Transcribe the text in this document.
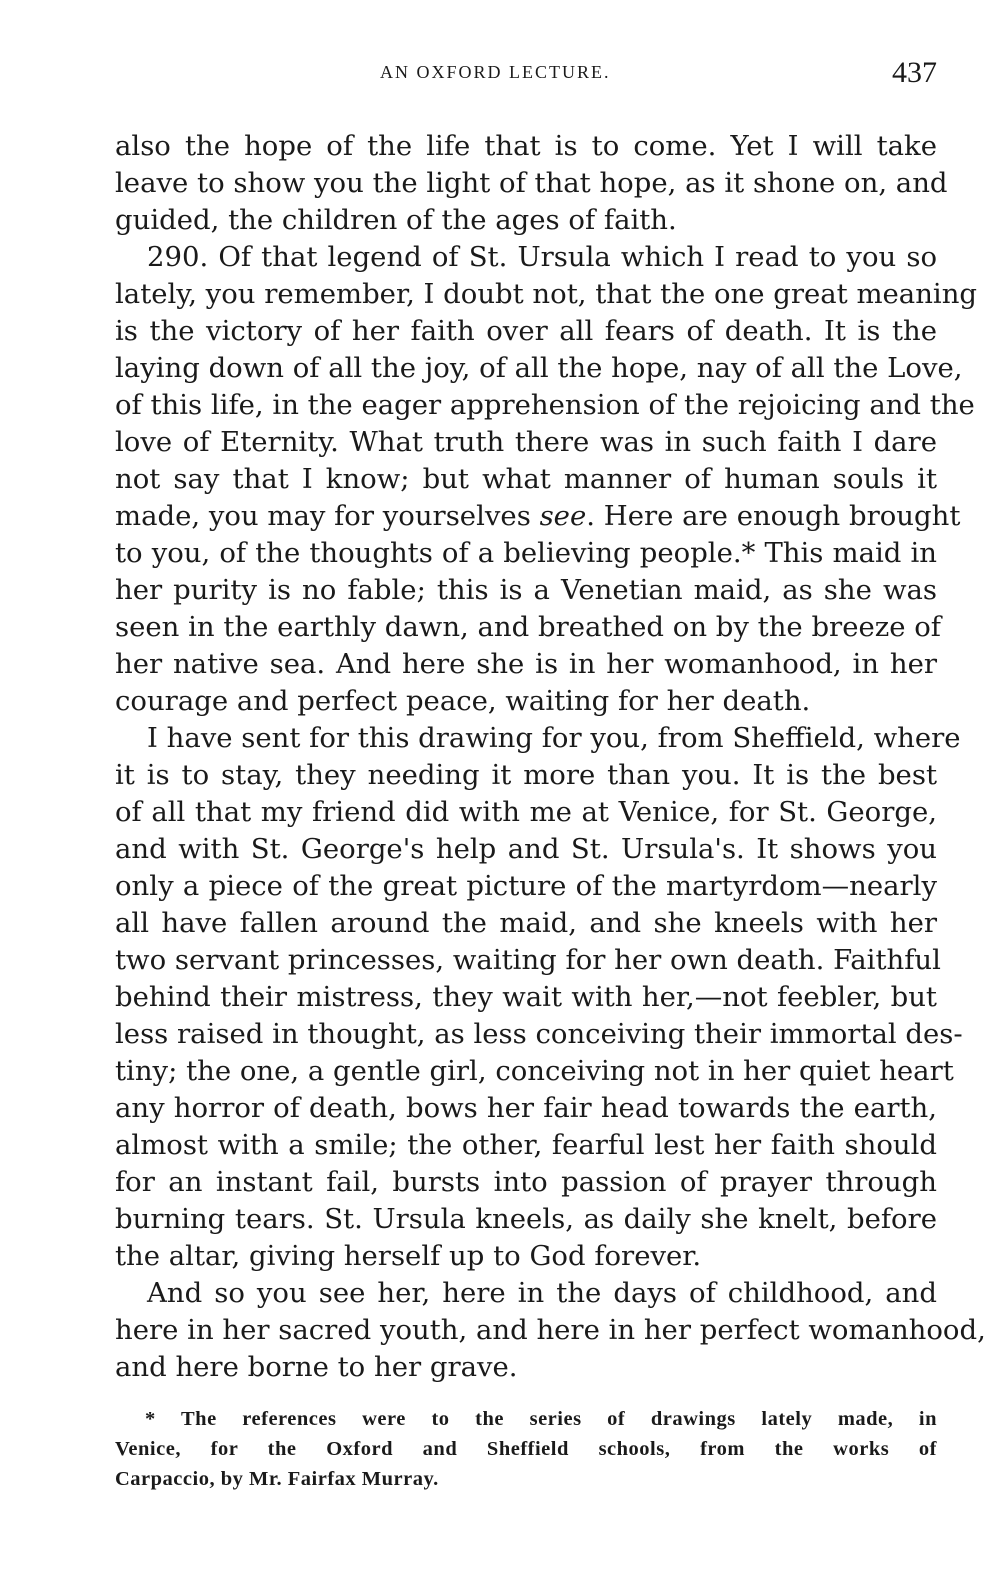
AN OXFORD LECTURE.	437
also the hope of the life that is to come. Yet I will take
leave to show you the light of that hope, as it shone on, and
guided, the children of the ages of faith.
290. Of that legend of St. Ursula which I read to you so
lately, you remember, I doubt not, that the one great meaning
is the victory of her faith over all fears of death. It is the
laying down of all the joy, of all the hope, nay of all the Love,
of this life, in the eager apprehension of the rejoicing and the
love of Eternity. What truth there was in such faith I dare
not say that I know; but what manner of human souls it
made, you may for yourselves see. Here are enough brought
to you, of the thoughts of a believing people.* This maid in
her purity is no fable; this is a Venetian maid, as she was
seen in the earthly dawn, and breathed on by the breeze of
her native sea. And here she is in her womanhood, in her
courage and perfect peace, waiting for her death.
I have sent for this drawing for you, from Sheffield, where
it is to stay, they needing it more than you. It is the best
of all that my friend did with me at Venice, for St. George,
and with St. George's help and St. Ursula's. It shows you
only a piece of the great picture of the martyrdom—nearly
all have fallen around the maid, and she kneels with her
two servant princesses, waiting for her own death. Faithful
behind their mistress, they wait with her,—not feebler, but
less raised in thought, as less conceiving their immortal des-
tiny; the one, a gentle girl, conceiving not in her quiet heart
any horror of death, bows her fair head towards the earth,
almost with a smile; the other, fearful lest her faith should
for an instant fail, bursts into passion of prayer through
burning tears. St. Ursula kneels, as daily she knelt, before
the altar, giving herself up to God forever.
And so you see her, here in the days of childhood, and
here in her sacred youth, and here in her perfect womanhood,
and here borne to her grave.
* The references were to the series of drawings lately made, in
Venice, for the Oxford and Sheffield schools, from the works of
Carpaccio, by Mr. Fairfax Murray.
